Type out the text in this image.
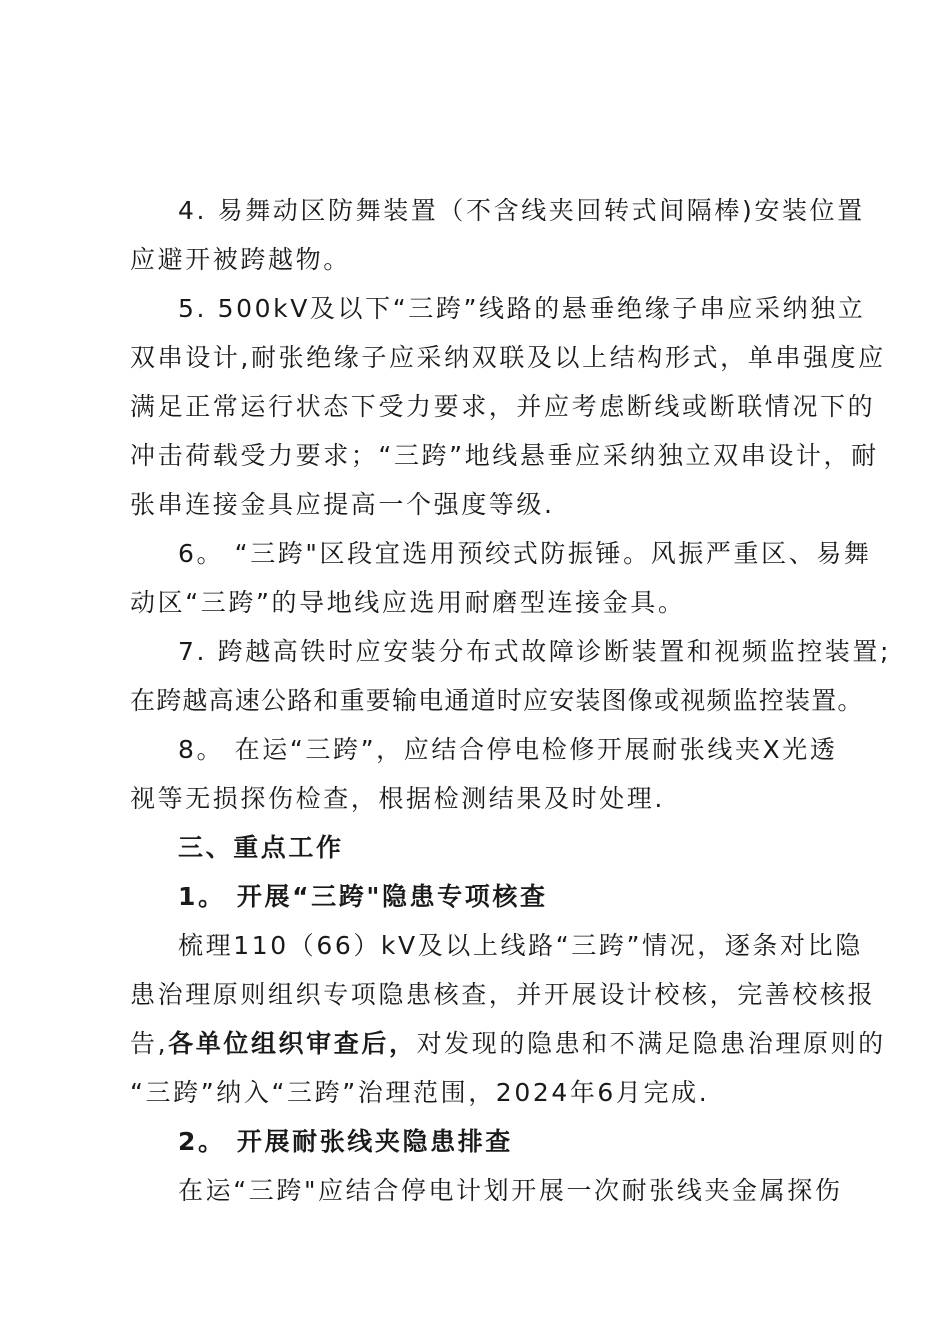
4. 易舞动区防舞装置（不含线夹回转式间隔棒)安装位置
应避开被跨越物。
5. 500kV及以下“三跨”线路的悬垂绝缘子串应采纳独立
双串设计,耐张绝缘子应采纳双联及以上结构形式，单串强度应
满足正常运行状态下受力要求，并应考虑断线或断联情况下的
冲击荷载受力要求；“三跨”地线悬垂应采纳独立双串设计，耐
张串连接金具应提高一个强度等级.
6。 “三跨"区段宜选用预绞式防振锤。风振严重区、易舞
动区“三跨”的导地线应选用耐磨型连接金具。
7. 跨越高铁时应安装分布式故障诊断装置和视频监控装置;
在跨越高速公路和重要输电通道时应安装图像或视频监控装置。
8。 在运“三跨”，应结合停电检修开展耐张线夹X光透
视等无损探伤检查，根据检测结果及时处理.
三、重点工作
1。 开展“三跨"隐患专项核查
梳理110（66）kV及以上线路“三跨”情况，逐条对比隐
患治理原则组织专项隐患核查，并开展设计校核，完善校核报
告,各单位组织审查后，对发现的隐患和不满足隐患治理原则的
“三跨”纳入“三跨”治理范围，2024年6月完成.
2。 开展耐张线夹隐患排查
在运“三跨"应结合停电计划开展一次耐张线夹金属探伤
